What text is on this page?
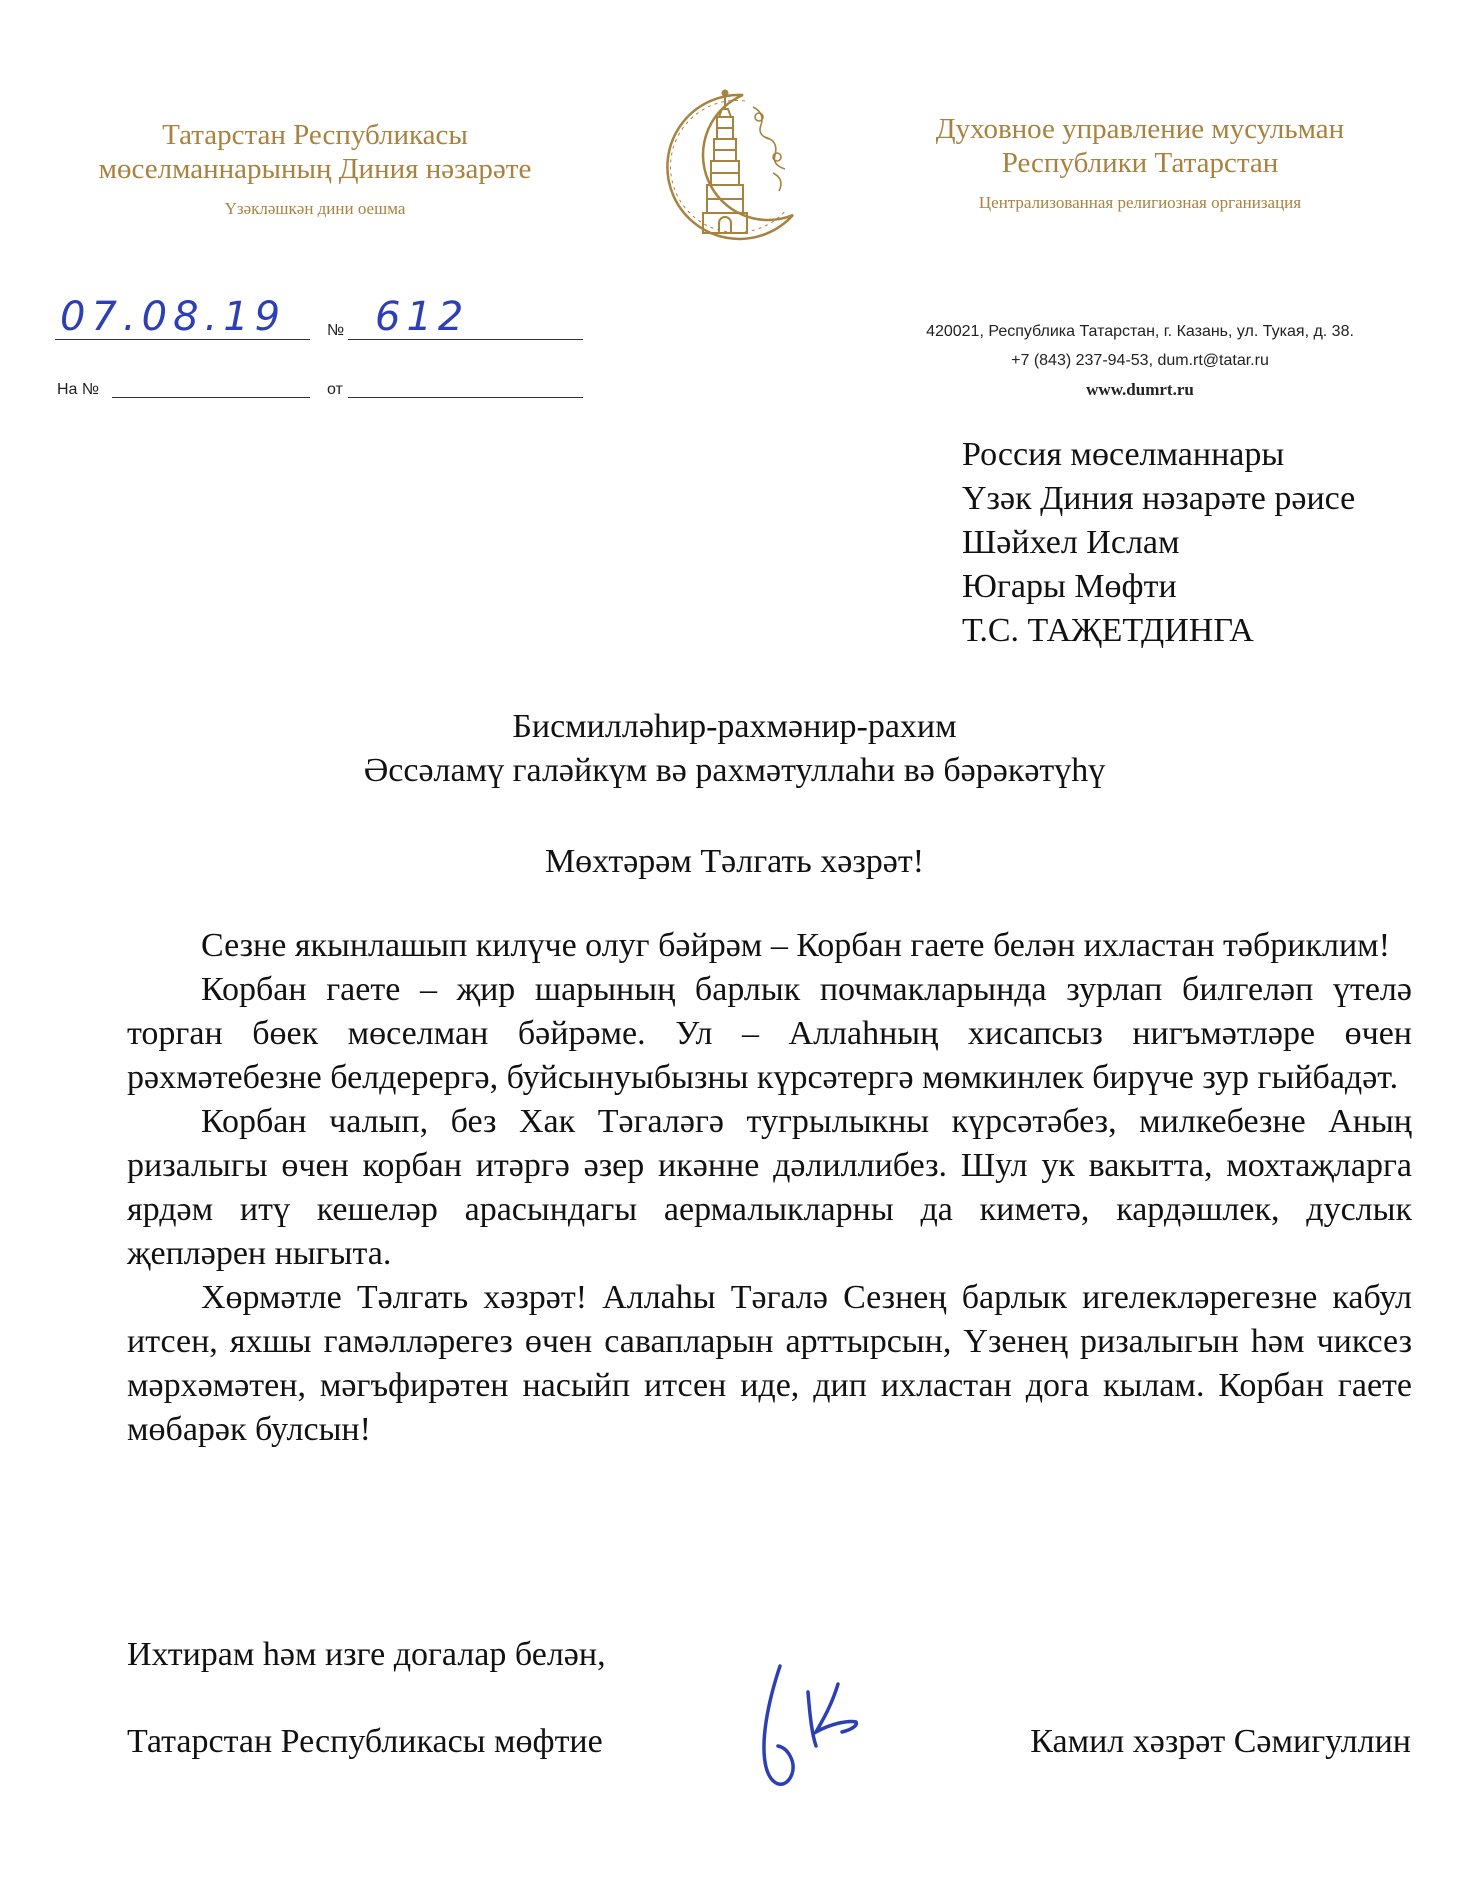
Татарстан Республикасы
мөселманнарының Диния нәзарәте
Үзәкләшкән дини оешма
Духовное управление мусульман
Республики Татарстан
Централизованная религиозная организация
07.08.19	№ 612
На №	от
420021, Республика Татарстан, г. Казань, ул. Тукая, д. 38.
+7 (843) 237-94-53, dum.rt@tatar.ru
www.dumrt.ru
Россия мөселманнары
Үзәк Диния нәзарәте рәисе
Шәйхел Ислам
Югары Мөфти
Т.С. ТАҖЕТДИНГА
Бисмилләһир-рахмәнир-рахим
Әссәламү галәйкүм вә рахмәтуллаһи вә бәрәкәтүһү
Мөхтәрәм Тәлгать хәзрәт!

Сезне якынлашып килүче олуг бәйрәм – Корбан гаете белән ихластан тәбриклим!

Корбан гаете – җир шарының барлык почмакларында зурлап билгеләп үтелә торган бөек мөселман бәйрәме. Ул – Аллаһның хисапсыз нигъмәтләре өчен рәхмәтебезне белдерергә, буйсынуыбызны күрсәтергә мөмкинлек бирүче зур гыйбадәт.

Корбан чалып, без Хак Тәгаләгә тугрылыкны күрсәтәбез, милкебезне Аның ризалыгы өчен корбан итәргә әзер икәнне дәлиллибез. Шул ук вакытта, мохтаҗларга ярдәм итү кешеләр арасындагы аермалыкларны да киметә, кардәшлек, дуслык җепләрен ныгыта.

Хөрмәтле Тәлгать хәзрәт! Аллаһы Тәгалә Сезнең барлык игелекләрегезне кабул итсен, яхшы гамәлләрегез өчен савапларын арттырсын, Үзенең ризалыгын һәм чиксез мәрхәмәтен, мәгъфирәтен насыйп итсен иде, дип ихластан дога кылам. Корбан гаете мөбарәк булсын!

Ихтирам һәм изге догалар белән,
Татарстан Республикасы мөфтие	Камил хәзрәт Сәмигуллин
